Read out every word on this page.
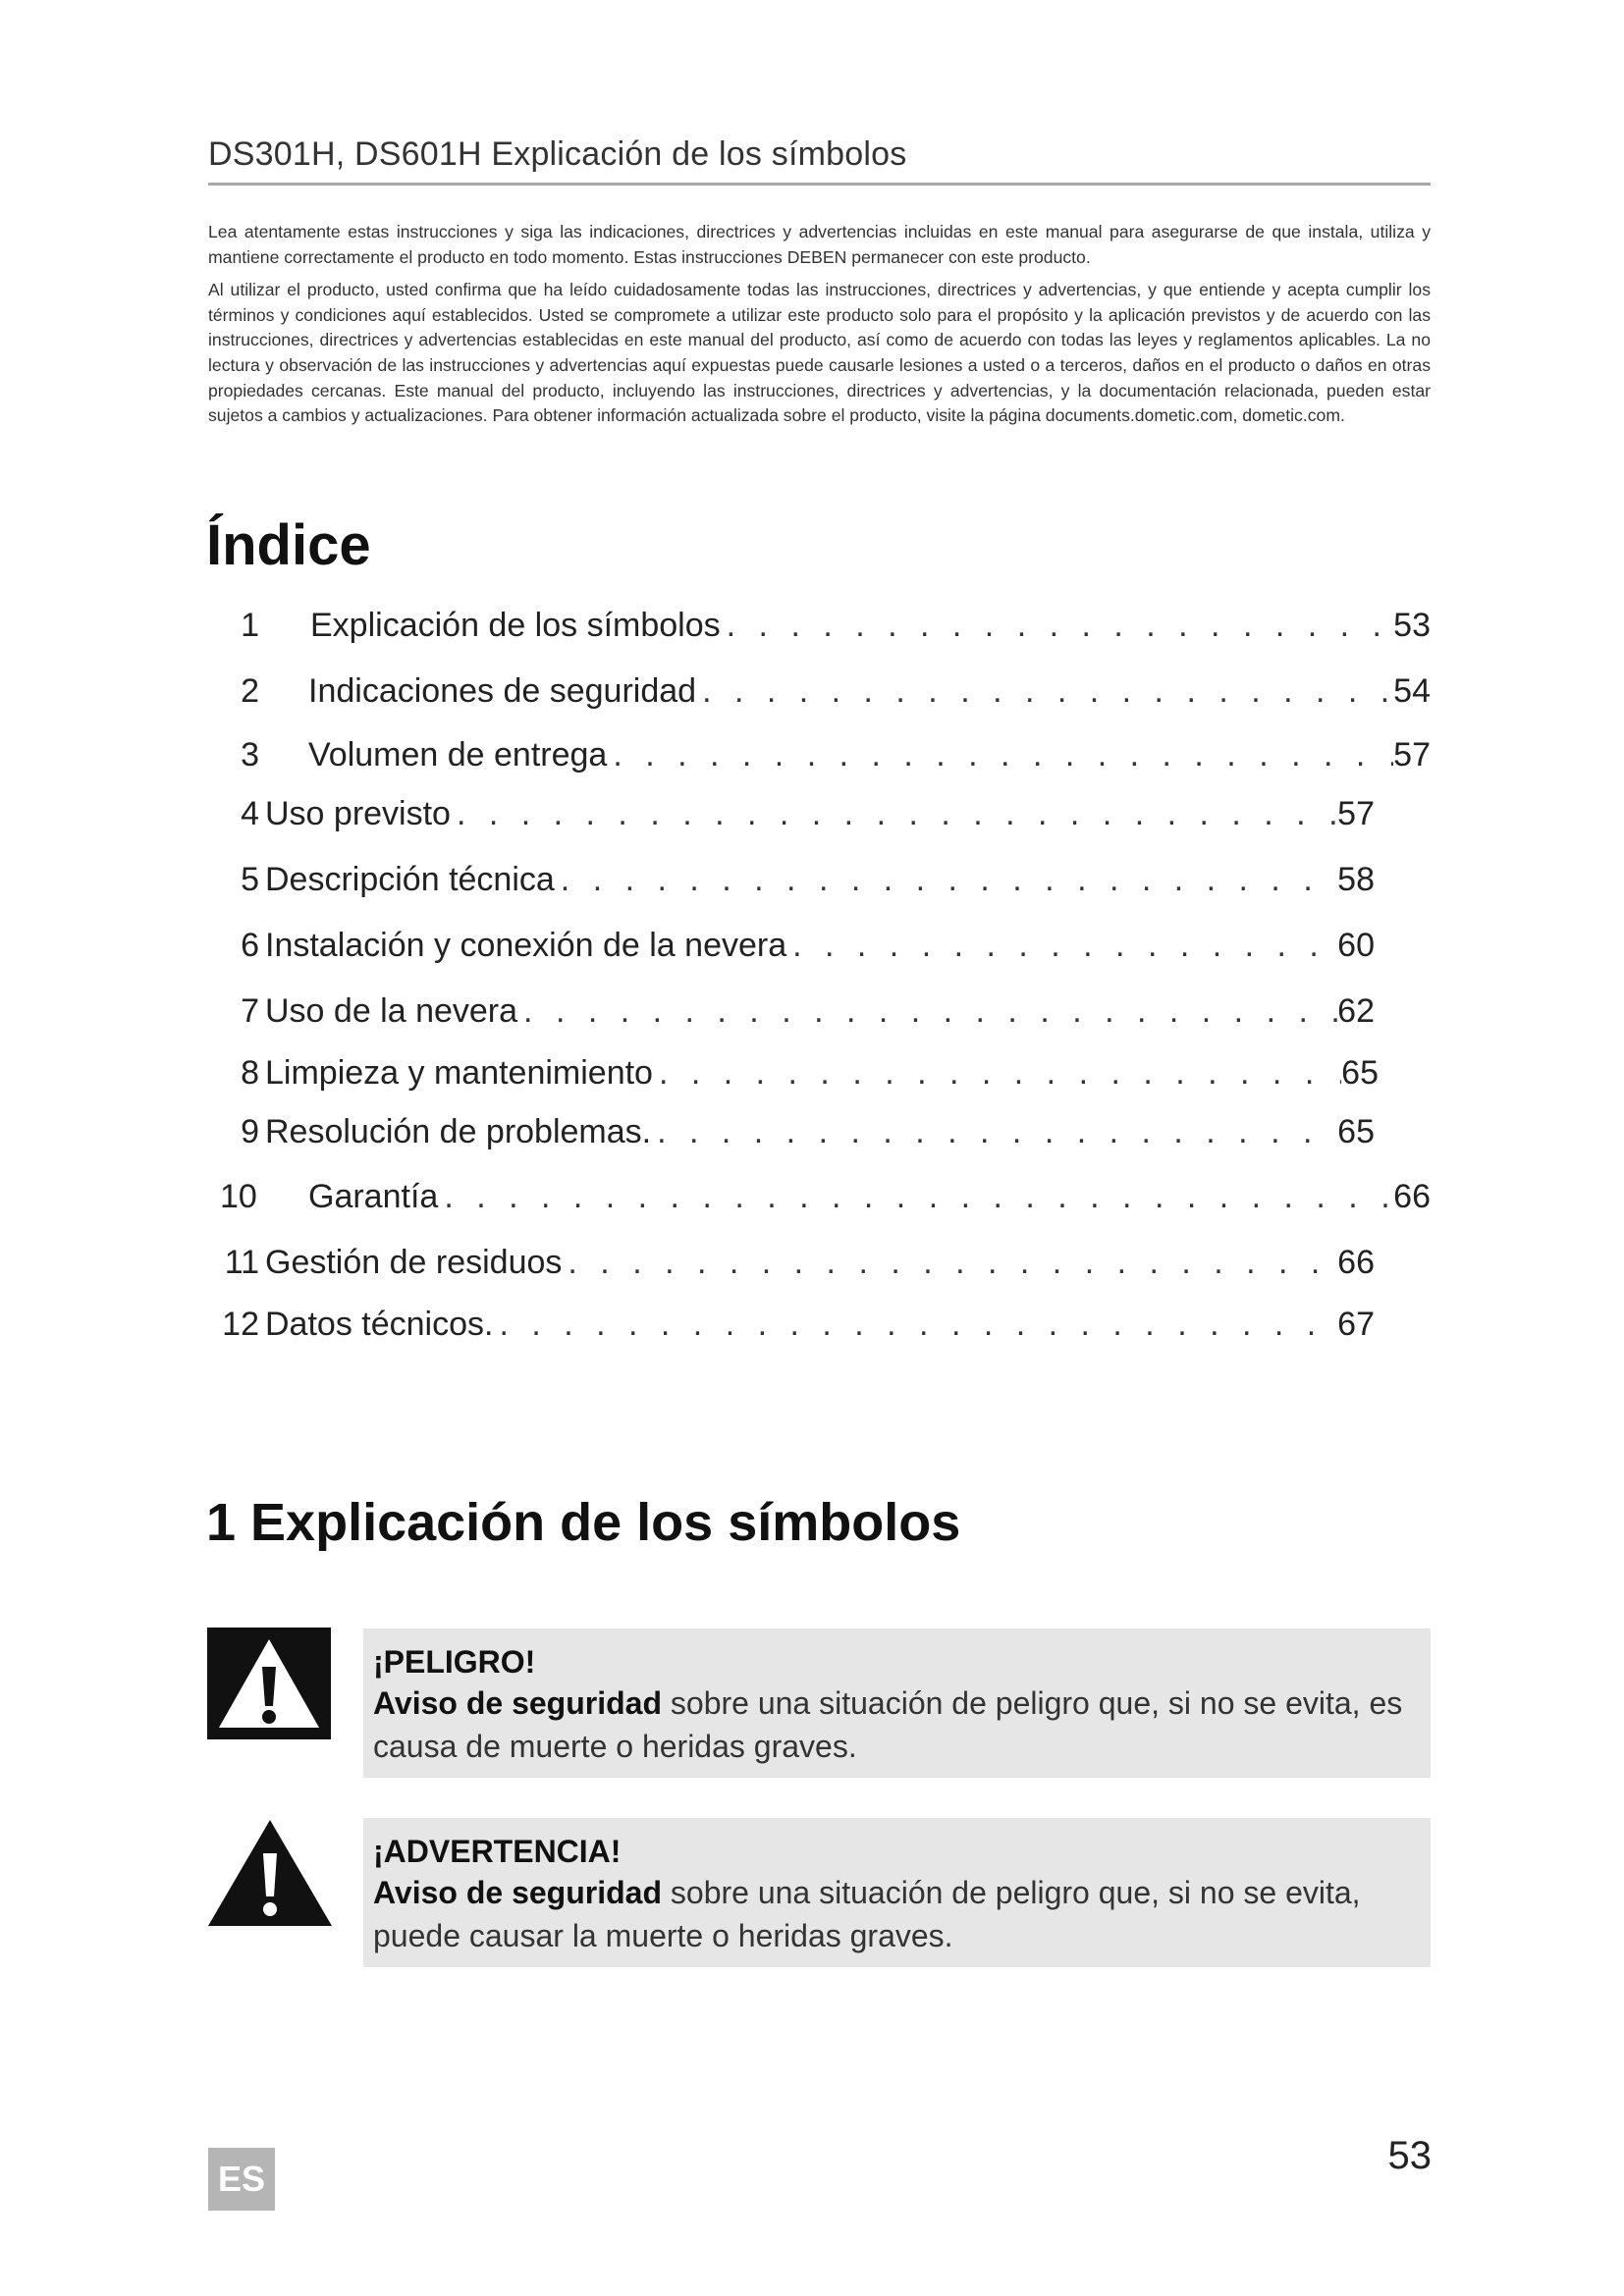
DS301H, DS601H Explicación de los símbolos

Lea atentamente estas instrucciones y siga las indicaciones, directrices y advertencias incluidas en este manual para asegurarse de que instala, utiliza y mantiene correctamente el producto en todo momento. Estas instrucciones DEBEN permanecer con este producto.

Al utilizar el producto, usted confirma que ha leído cuidadosamente todas las instrucciones, directrices y advertencias, y que entiende y acepta cumplir los términos y condiciones aquí establecidos. Usted se compromete a utilizar este producto solo para el propósito y la aplicación previstos y de acuerdo con las instrucciones, directrices y advertencias establecidas en este manual del producto, así como de acuerdo con todas las leyes y reglamentos aplicables. La no lectura y observación de las instrucciones y advertencias aquí expuestas puede causarle lesiones a usted o a terceros, daños en el producto o daños en otras propiedades cercanas. Este manual del producto, incluyendo las instrucciones, directrices y advertencias, y la documentación relacionada, pueden estar sujetos a cambios y actualizaciones. Para obtener información actualizada sobre el producto, visite la página documents.dometic.com, dometic.com.

Índice
1	Explicación de los símbolos . . .	53
2	Indicaciones de seguridad . . .	54
3	Volumen de entrega . . .	57
4 Uso previsto . . .	57
5 Descripción técnica . . .	58
6 Instalación y conexión de la nevera . . .	60
7 Uso de la nevera . . .	62
8 Limpieza y mantenimiento . . .	65
9 Resolución de problemas. . . .	65
10	Garantía . . .	66
11 Gestión de residuos . . .	66
12 Datos técnicos. . . .	67
1 Explicación de los símbolos
¡PELIGRO!
Aviso de seguridad sobre una situación de peligro que, si no se evita, es causa de muerte o heridas graves.
¡ADVERTENCIA!
Aviso de seguridad sobre una situación de peligro que, si no se evita, puede causar la muerte o heridas graves.
ES
53
